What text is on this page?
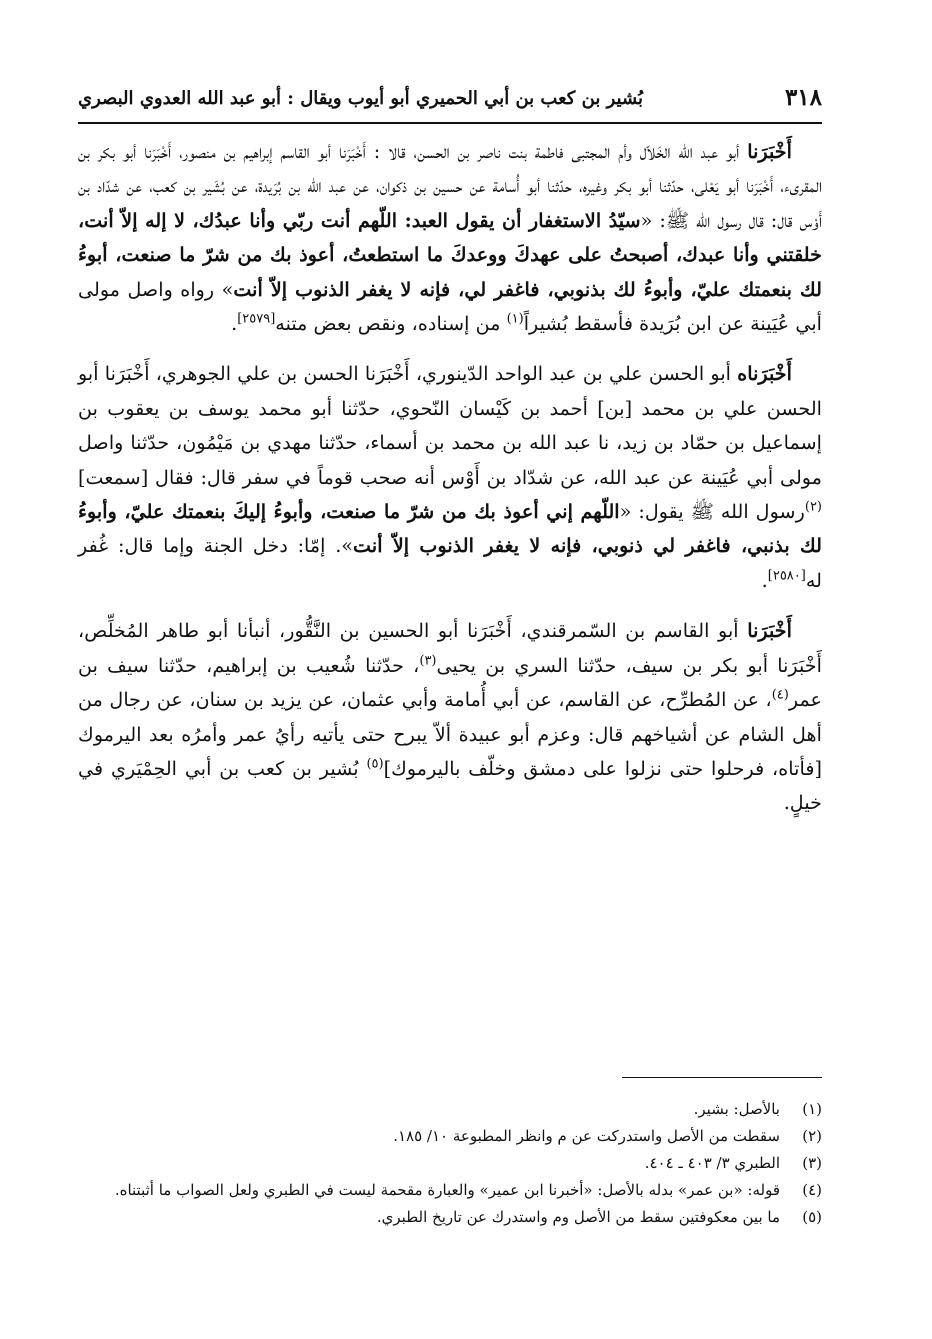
٣١٨
بُشير بن كعب بن أبي الحميري أبو أيوب ويقال : أبو عبد الله العدوي البصري

أَخْبَرَنا أبو عبد الله الخَلاّل وأم المجتبى فاطمة بنت ناصر بن الحسن، قالا : أَخْبَرَنا أبو القاسم إبراهيم بن منصور، أَخْبَرَنا أبو بكر بن المقرىء، أَخْبَرَنا أبو يَعْلى، حدّثنا أبو بكر وغيره، حدّثنا أبو أُسامة عن حسين بن ذكوان، عن عبد الله بن بُرَيدة، عن بُشَير بن كعب، عن شدّاد بن أَوْس قال: قال رسول الله ﷺ: «سيّدُ الاستغفار أن يقول العبد: اللّهم أنت ربّي وأنا عبدُك، لا إله إلاّ أنت، خلقتني وأنا عبدك، أصبحتُ على عهدكَ ووعدكَ ما استطعتُ، أعوذ بك من شرّ ما صنعت، أبوءُ لك بنعمتك عليّ، وأبوءُ لك بذنوبي، فاغفر لي، فإنه لا يغفر الذنوب إلاّ أنت» رواه واصل مولى أبي عُيَينة عن ابن بُرَيدة فأسقط بُشيراً$^{(١)}$ من إسناده، ونقص بعض متنه[٢٥٧٩].

أَخْبَرَناه أبو الحسن علي بن عبد الواحد الدّينوري، أَخْبَرَنا الحسن بن علي الجوهري، أَخْبَرَنا أبو الحسن علي بن محمد [بن] أحمد بن كَيْسان النّحوي، حدّثنا أبو محمد يوسف بن يعقوب بن إسماعيل بن حمّاد بن زيد، نا عبد الله بن محمد بن أسماء، حدّثنا مهدي بن مَيْمُون، حدّثنا واصل مولى أبي عُيَينة عن عبد الله، عن شدّاد بن أَوْس أنه صحب قوماً في سفر قال: فقال [سمعت]$^{(٢)}$رسول الله ﷺ يقول: «اللّهم إني أعوذ بك من شرّ ما صنعت، وأبوءُ إليكَ بنعمتك عليّ، وأبوءُ لك بذنبي، فاغفر لي ذنوبي، فإنه لا يغفر الذنوب إلاّ أنت». إمّا: دخل الجنة وإما قال: غُفر له[٢٥٨٠].

أَخْبَرَنا أبو القاسم بن السّمرقندي، أَخْبَرَنا أبو الحسين بن النَّقُّور، أنبأنا أبو طاهر المُخلِّص، أَخْبَرَنا أبو بكر بن سيف، حدّثنا السري بن يحيى$^{(٣)}$، حدّثنا شُعيب بن إبراهيم، حدّثنا سيف بن عمر$^{(٤)}$، عن المُطرِّح، عن القاسم، عن أبي أُمامة وأبي عثمان، عن يزيد بن سنان، عن رجال من أهل الشام عن أشياخهم قال: وعزم أبو عبيدة ألاّ يبرح حتى يأتيه رأيُ عمر وأمرُه بعد اليرموك [فأتاه، فرحلوا حتى نزلوا على دمشق وخلّف باليرموك]$^{(٥)}$ بُشير بن كعب بن أبي الحِمْيَري في خيلٍ.

(١)
بالأصل: بشير.
(٢)
سقطت من الأصل واستدركت عن م وانظر المطبوعة ١٠/ ١٨٥.
(٣)
الطبري ٣/ ٤٠٣ ـ ٤٠٤.
(٤)
قوله: «بن عمر» بدله بالأصل: «أخبرنا ابن عمير» والعبارة مقحمة ليست في الطبري ولعل الصواب ما أثبتناه.
(٥)
ما بين معكوفتين سقط من الأصل وم واستدرك عن تاريخ الطبري.
